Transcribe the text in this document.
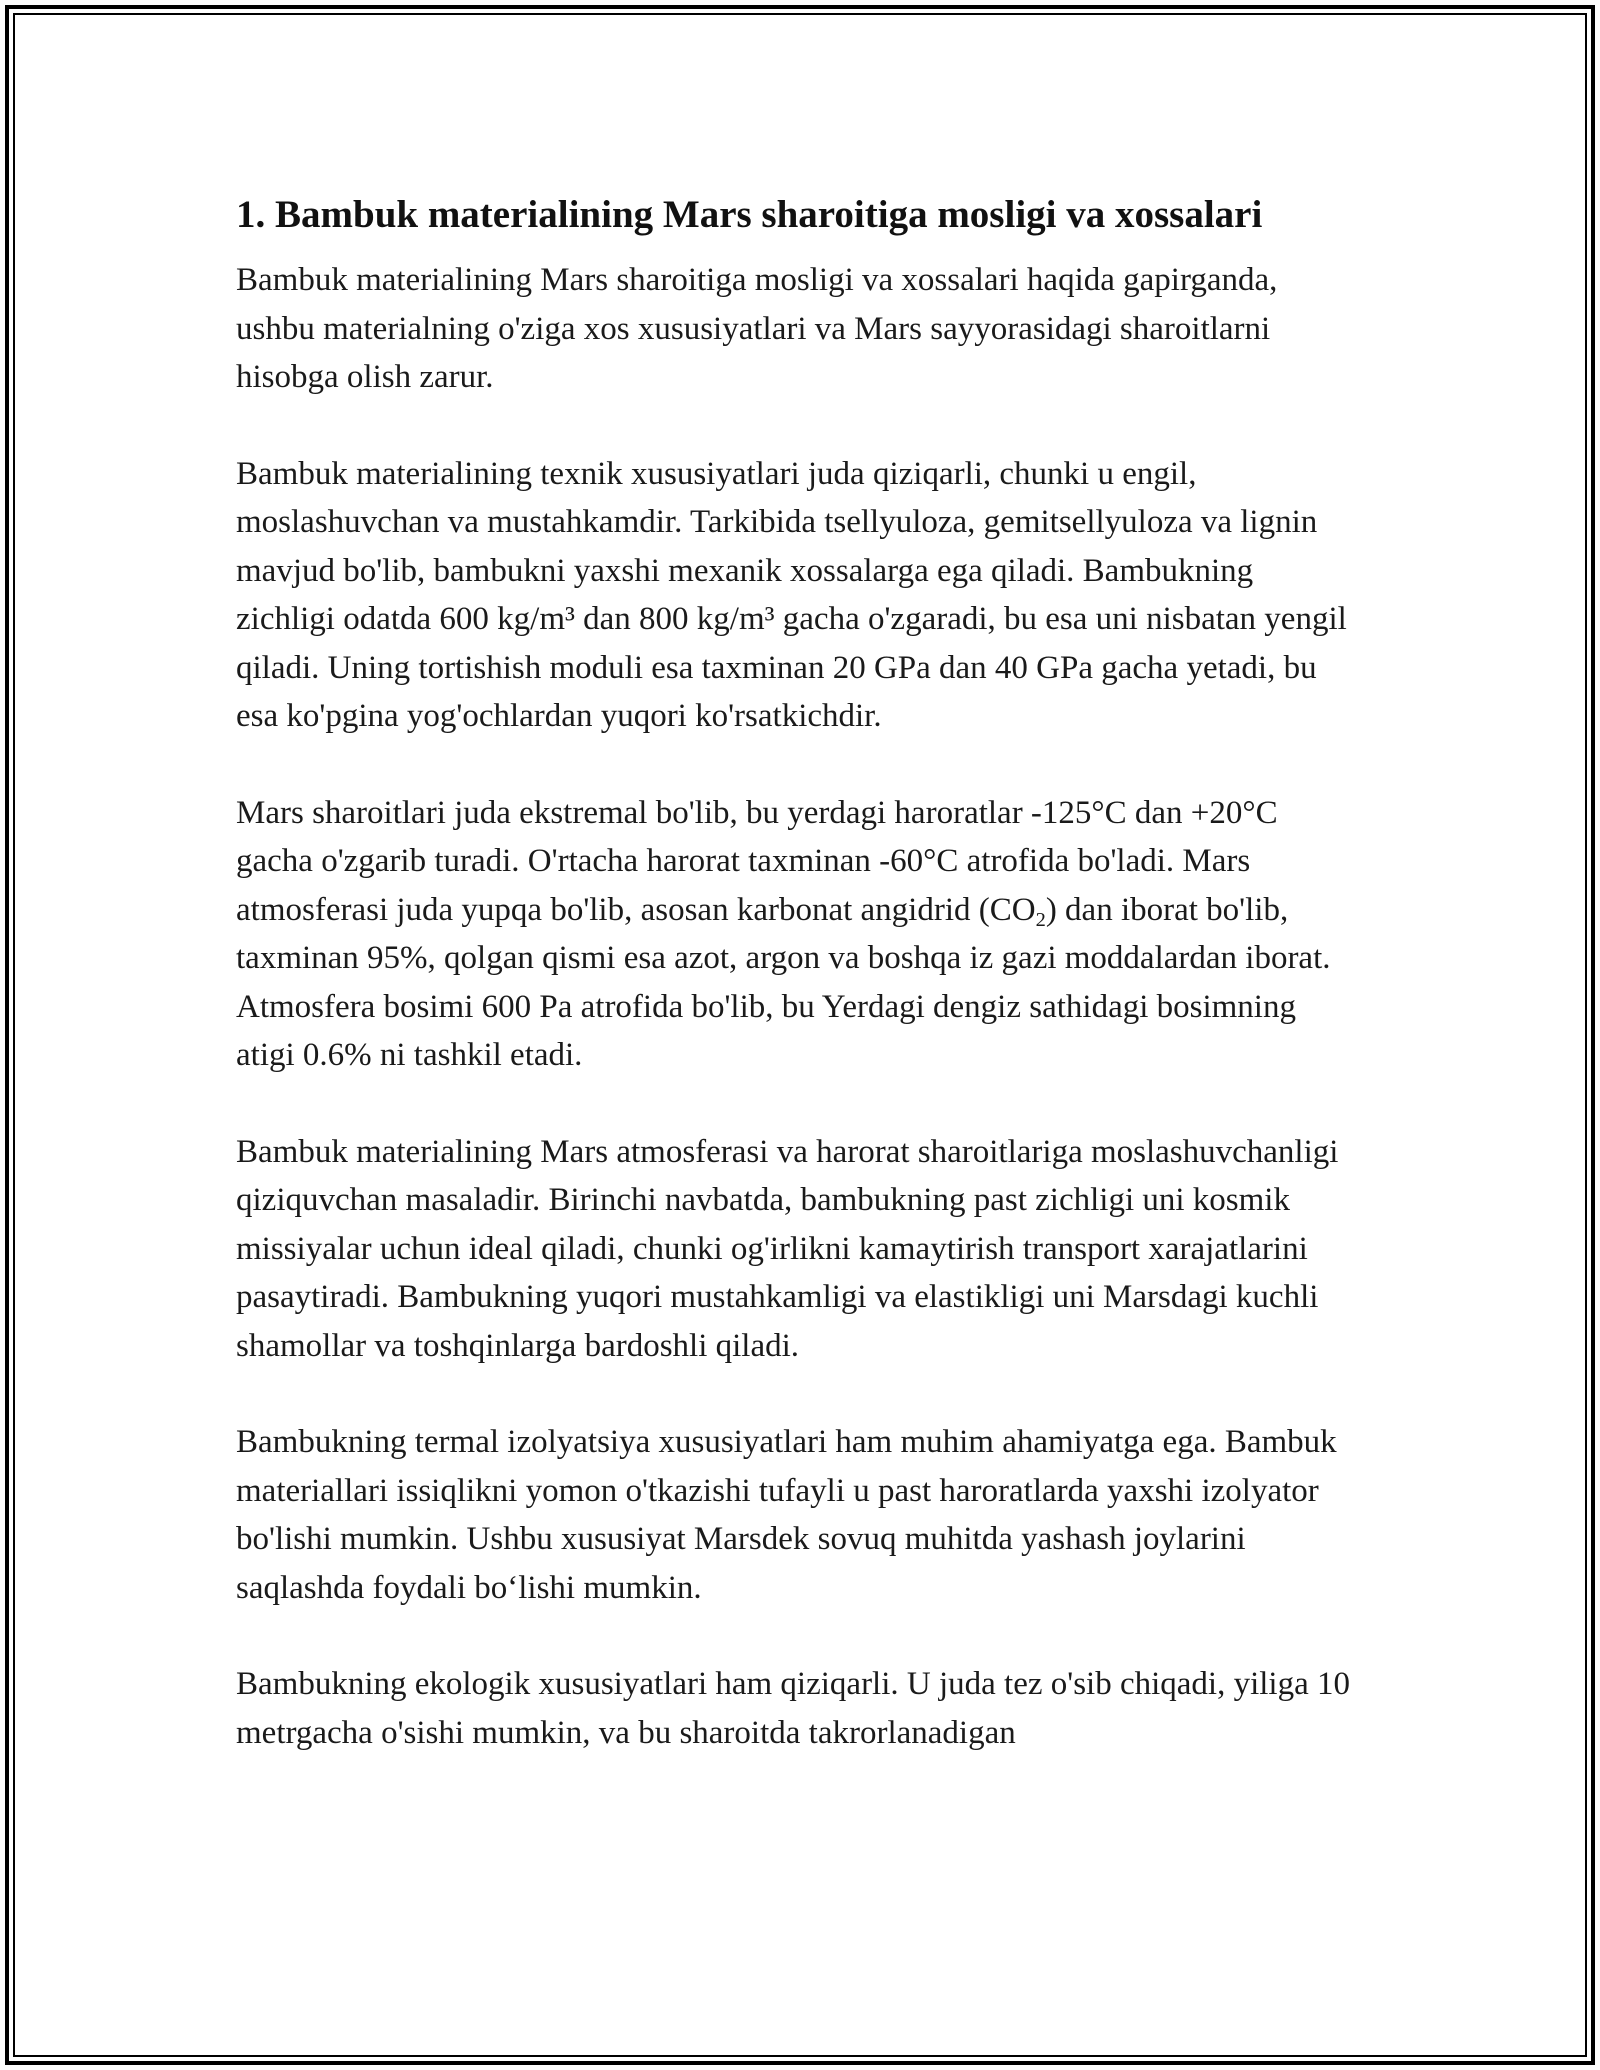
1. Bambuk materialining Mars sharoitiga mosligi va xossalari

Bambuk materialining Mars sharoitiga mosligi va xossalari haqida gapirganda, ushbu materialning o'ziga xos xususiyatlari va Mars sayyorasidagi sharoitlarni hisobga olish zarur.

Bambuk materialining texnik xususiyatlari juda qiziqarli, chunki u engil, moslashuvchan va mustahkamdir. Tarkibida tsellyuloza, gemitsellyuloza va lignin mavjud bo'lib, bambukni yaxshi mexanik xossalarga ega qiladi. Bambukning zichligi odatda 600 kg/m³ dan 800 kg/m³ gacha o'zgaradi, bu esa uni nisbatan yengil qiladi. Uning tortishish moduli esa taxminan 20 GPa dan 40 GPa gacha yetadi, bu esa ko'pgina yog'ochlardan yuqori ko'rsatkichdir.

Mars sharoitlari juda ekstremal bo'lib, bu yerdagi haroratlar -125°C dan +20°C gacha o'zgarib turadi. O'rtacha harorat taxminan -60°C atrofida bo'ladi. Mars atmosferasi juda yupqa bo'lib, asosan karbonat angidrid $(CO_2)$ dan iborat bo'lib, taxminan 95%, qolgan qismi esa azot, argon va boshqa iz gazi moddalardan iborat. Atmosfera bosimi 600 Pa atrofida bo'lib, bu Yerdagi dengiz sathidagi bosimning atigi 0.6% ni tashkil etadi.

Bambuk materialining Mars atmosferasi va harorat sharoitlariga moslashuvchanligi qiziquvchan masaladir. Birinchi navbatda, bambukning past zichligi uni kosmik missiyalar uchun ideal qiladi, chunki og'irlikni kamaytirish transport xarajatlarini pasaytiradi. Bambukning yuqori mustahkamligi va elastikligi uni Marsdagi kuchli shamollar va toshqinlarga bardoshli qiladi.

Bambukning termal izolyatsiya xususiyatlari ham muhim ahamiyatga ega. Bambuk materiallari issiqlikni yomon o'tkazishi tufayli u past haroratlarda yaxshi izolyator bo'lishi mumkin. Ushbu xususiyat Marsdek sovuq muhitda yashash joylarini saqlashda foydali bo‘lishi mumkin.

Bambukning ekologik xususiyatlari ham qiziqarli. U juda tez o'sib chiqadi, yiliga 10 metrgacha o'sishi mumkin, va bu sharoitda takrorlanadigan
